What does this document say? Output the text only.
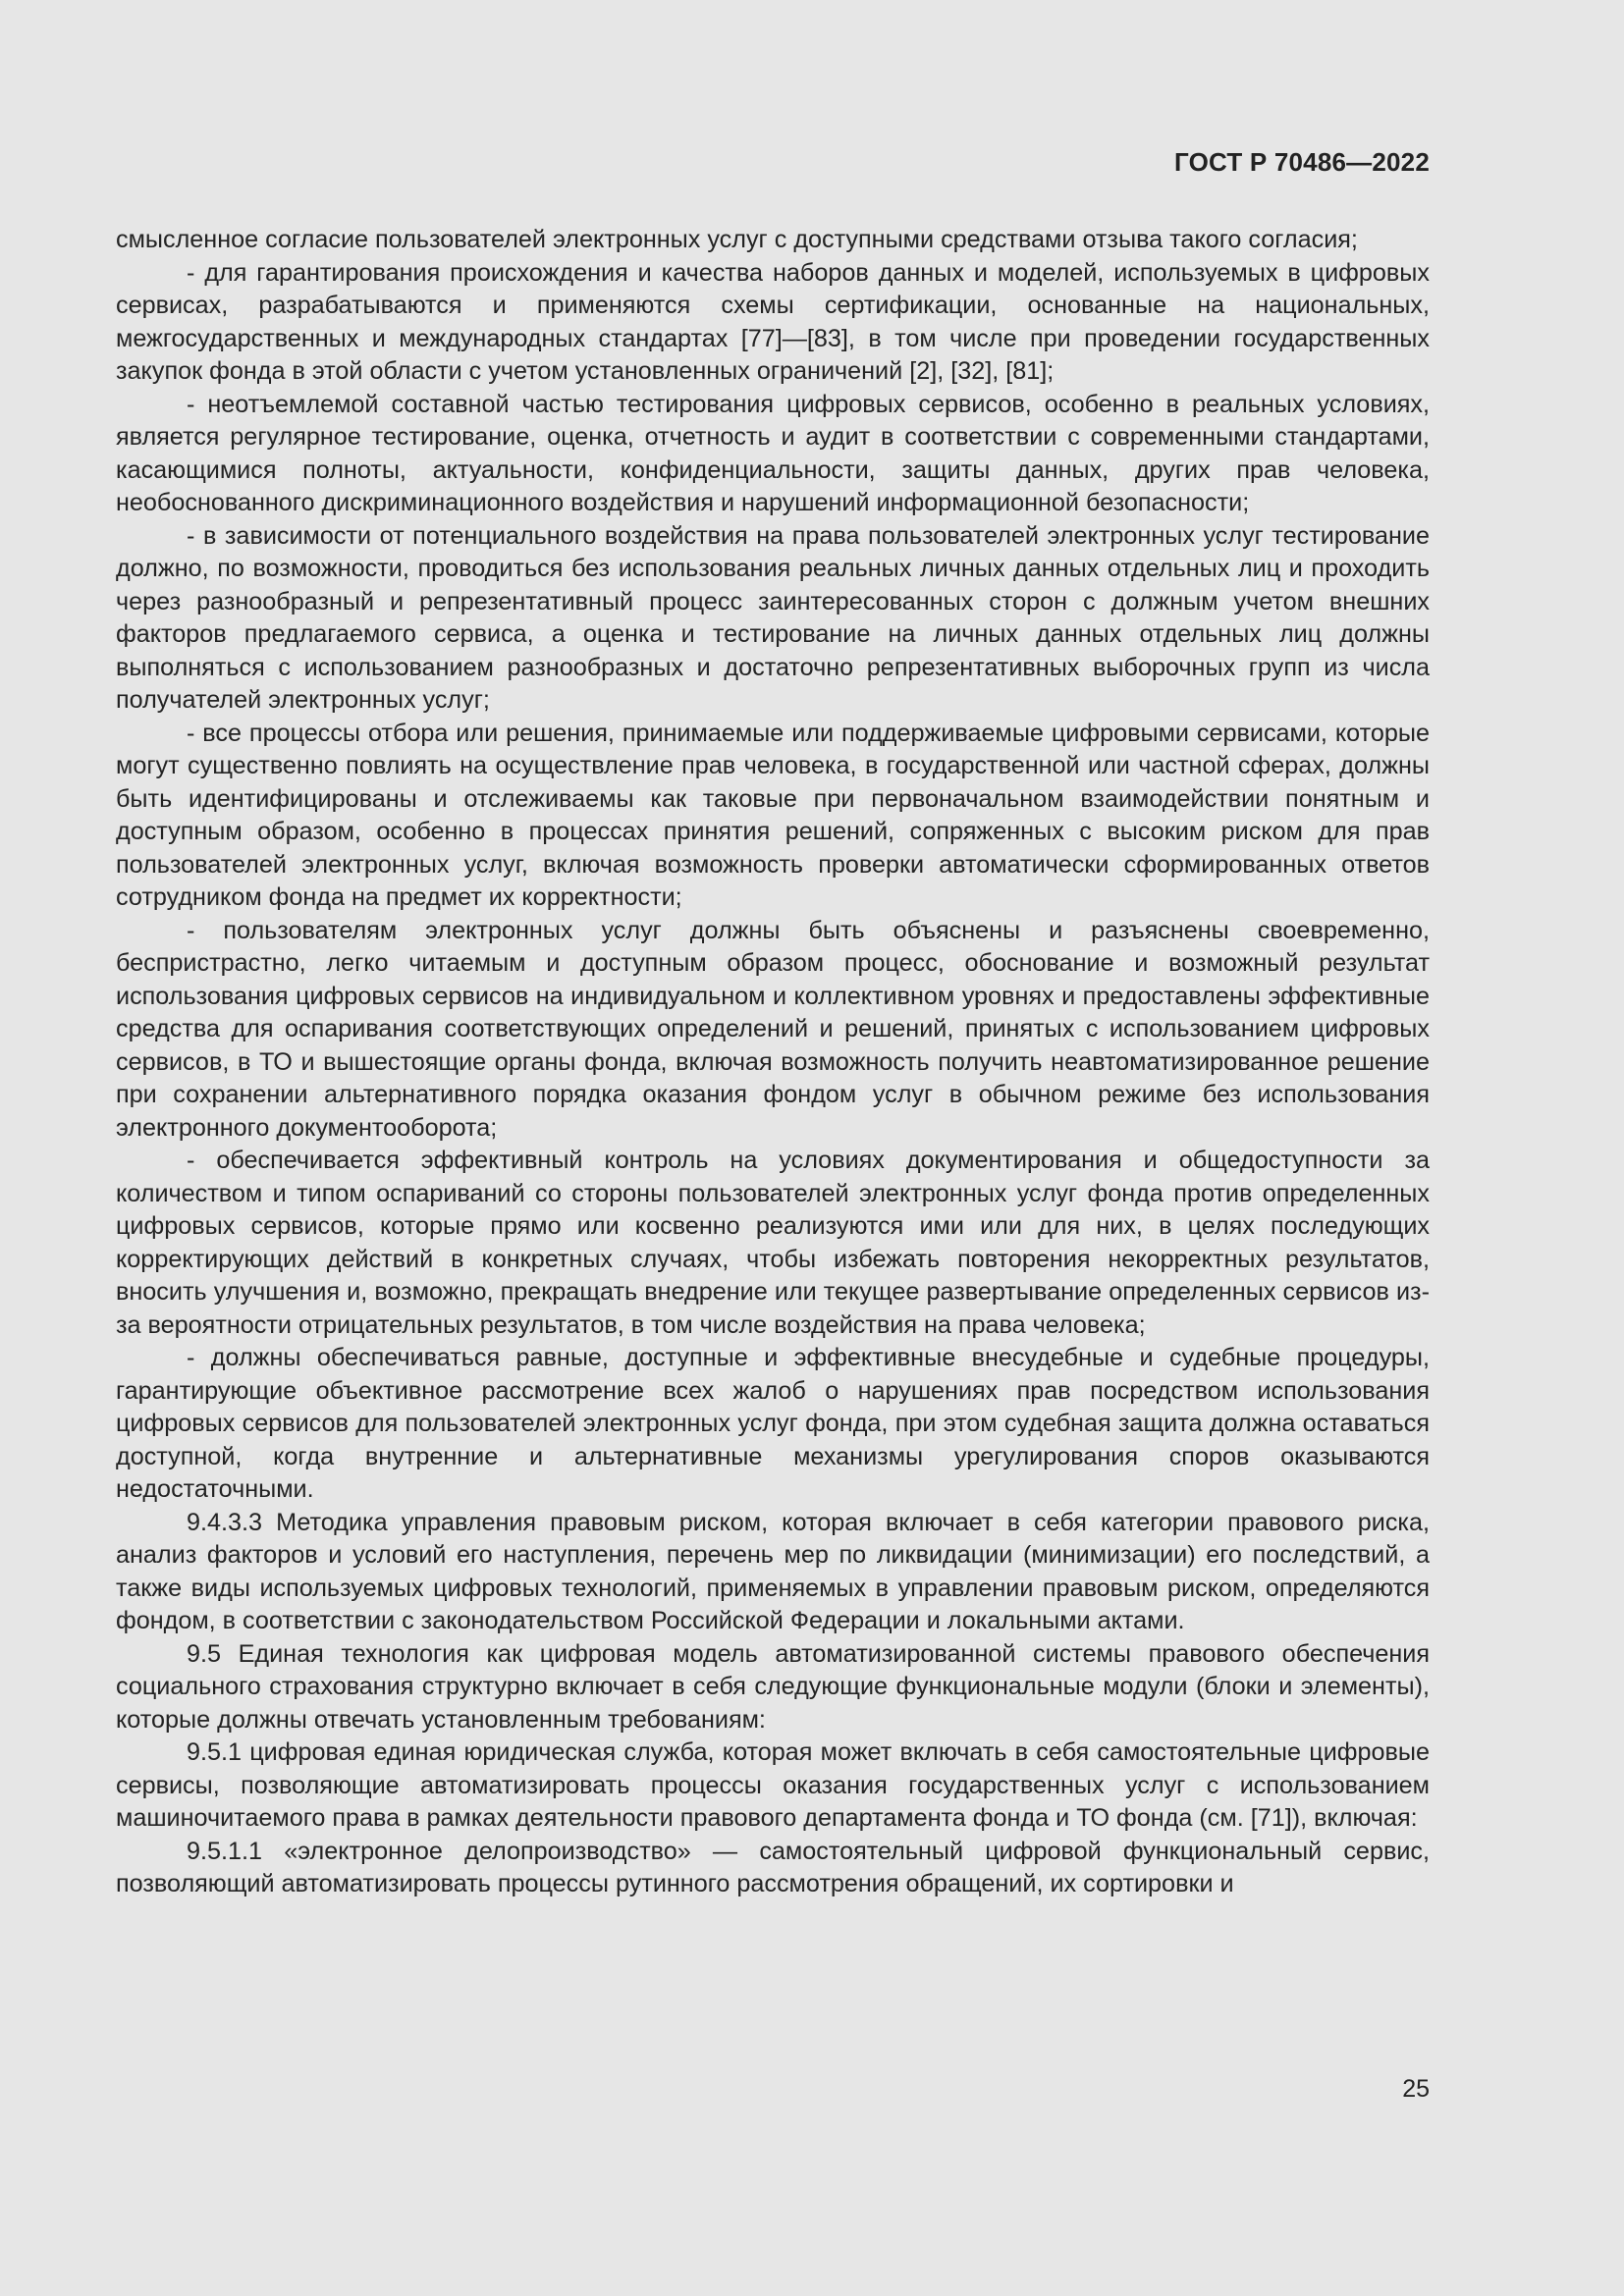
ГОСТ Р 70486—2022

смысленное согласие пользователей электронных услуг с доступными средствами отзыва такого согласия;

- для гарантирования происхождения и качества наборов данных и моделей, используемых в цифровых сервисах, разрабатываются и применяются схемы сертификации, основанные на национальных, межгосударственных и международных стандартах [77]—[83], в том числе при проведении государственных закупок фонда в этой области с учетом установленных ограничений [2], [32], [81];

- неотъемлемой составной частью тестирования цифровых сервисов, особенно в реальных условиях, является регулярное тестирование, оценка, отчетность и аудит в соответствии с современными стандартами, касающимися полноты, актуальности, конфиденциальности, защиты данных, других прав человека, необоснованного дискриминационного воздействия и нарушений информационной безопасности;

- в зависимости от потенциального воздействия на права пользователей электронных услуг тестирование должно, по возможности, проводиться без использования реальных личных данных отдельных лиц и проходить через разнообразный и репрезентативный процесс заинтересованных сторон с должным учетом внешних факторов предлагаемого сервиса, а оценка и тестирование на личных данных отдельных лиц должны выполняться с использованием разнообразных и достаточно репрезентативных выборочных групп из числа получателей электронных услуг;

- все процессы отбора или решения, принимаемые или поддерживаемые цифровыми сервисами, которые могут существенно повлиять на осуществление прав человека, в государственной или частной сферах, должны быть идентифицированы и отслеживаемы как таковые при первоначальном взаимодействии понятным и доступным образом, особенно в процессах принятия решений, сопряженных с высоким риском для прав пользователей электронных услуг, включая возможность проверки автоматически сформированных ответов сотрудником фонда на предмет их корректности;

- пользователям электронных услуг должны быть объяснены и разъяснены своевременно, беспристрастно, легко читаемым и доступным образом процесс, обоснование и возможный результат использования цифровых сервисов на индивидуальном и коллективном уровнях и предоставлены эффективные средства для оспаривания соответствующих определений и решений, принятых с использованием цифровых сервисов, в ТО и вышестоящие органы фонда, включая возможность получить неавтоматизированное решение при сохранении альтернативного порядка оказания фондом услуг в обычном режиме без использования электронного документооборота;

- обеспечивается эффективный контроль на условиях документирования и общедоступности за количеством и типом оспариваний со стороны пользователей электронных услуг фонда против определенных цифровых сервисов, которые прямо или косвенно реализуются ими или для них, в целях последующих корректирующих действий в конкретных случаях, чтобы избежать повторения некорректных результатов, вносить улучшения и, возможно, прекращать внедрение или текущее развертывание определенных сервисов из-за вероятности отрицательных результатов, в том числе воздействия на права человека;

- должны обеспечиваться равные, доступные и эффективные внесудебные и судебные процедуры, гарантирующие объективное рассмотрение всех жалоб о нарушениях прав посредством использования цифровых сервисов для пользователей электронных услуг фонда, при этом судебная защита должна оставаться доступной, когда внутренние и альтернативные механизмы урегулирования споров оказываются недостаточными.

9.4.3.3 Методика управления правовым риском, которая включает в себя категории правового риска, анализ факторов и условий его наступления, перечень мер по ликвидации (минимизации) его последствий, а также виды используемых цифровых технологий, применяемых в управлении правовым риском, определяются фондом, в соответствии с законодательством Российской Федерации и локальными актами.

9.5 Единая технология как цифровая модель автоматизированной системы правового обеспечения социального страхования структурно включает в себя следующие функциональные модули (блоки и элементы), которые должны отвечать установленным требованиям:

9.5.1 цифровая единая юридическая служба, которая может включать в себя самостоятельные цифровые сервисы, позволяющие автоматизировать процессы оказания государственных услуг с использованием машиночитаемого права в рамках деятельности правового департамента фонда и ТО фонда (см. [71]), включая:

9.5.1.1 «электронное делопроизводство» — самостоятельный цифровой функциональный сервис, позволяющий автоматизировать процессы рутинного рассмотрения обращений, их сортировки и

25
